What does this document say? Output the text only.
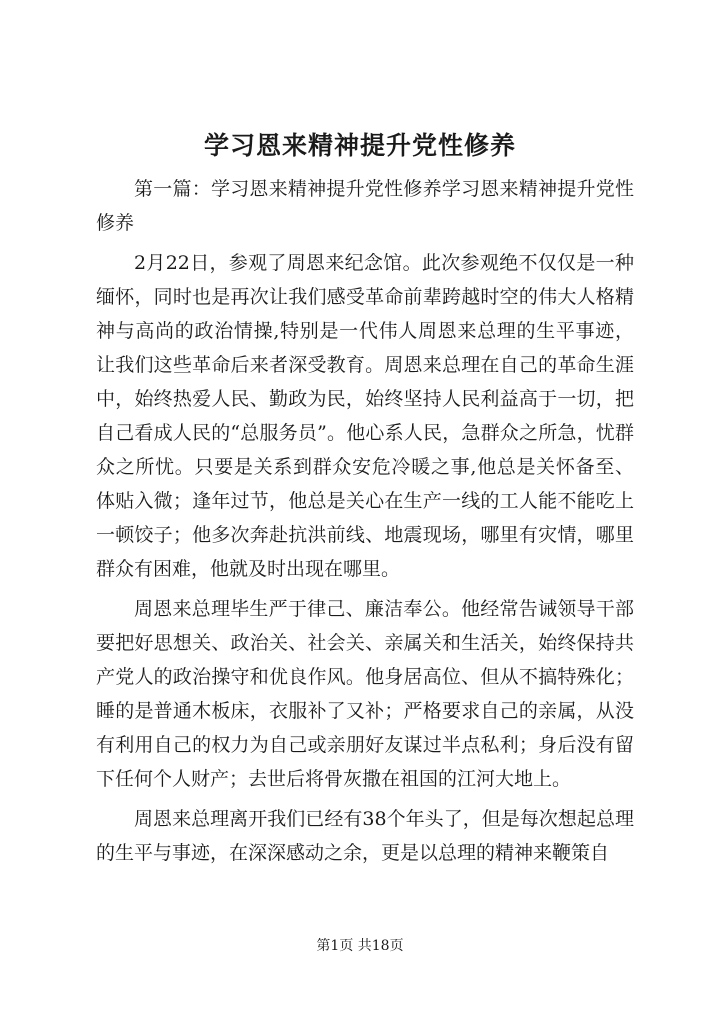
学习恩来精神提升党性修养

第一篇：学习恩来精神提升党性修养学习恩来精神提升党性修养

2月22日，参观了周恩来纪念馆。此次参观绝不仅仅是一种缅怀，同时也是再次让我们感受革命前辈跨越时空的伟大人格精神与高尚的政治情操,特别是一代伟人周恩来总理的生平事迹，让我们这些革命后来者深受教育。周恩来总理在自己的革命生涯中，始终热爱人民、勤政为民，始终坚持人民利益高于一切，把自己看成人民的“总服务员”。他心系人民，急群众之所急，忧群众之所忧。只要是关系到群众安危冷暖之事,他总是关怀备至、体贴入微；逢年过节，他总是关心在生产一线的工人能不能吃上一顿饺子；他多次奔赴抗洪前线、地震现场，哪里有灾情，哪里群众有困难，他就及时出现在哪里。

周恩来总理毕生严于律己、廉洁奉公。他经常告诫领导干部要把好思想关、政治关、社会关、亲属关和生活关，始终保持共产党人的政治操守和优良作风。他身居高位、但从不搞特殊化；睡的是普通木板床，衣服补了又补；严格要求自己的亲属，从没有利用自己的权力为自己或亲朋好友谋过半点私利；身后没有留下任何个人财产；去世后将骨灰撒在祖国的江河大地上。

周恩来总理离开我们已经有38个年头了，但是每次想起总理的生平与事迹，在深深感动之余，更是以总理的精神来鞭策自

第1页 共18页
